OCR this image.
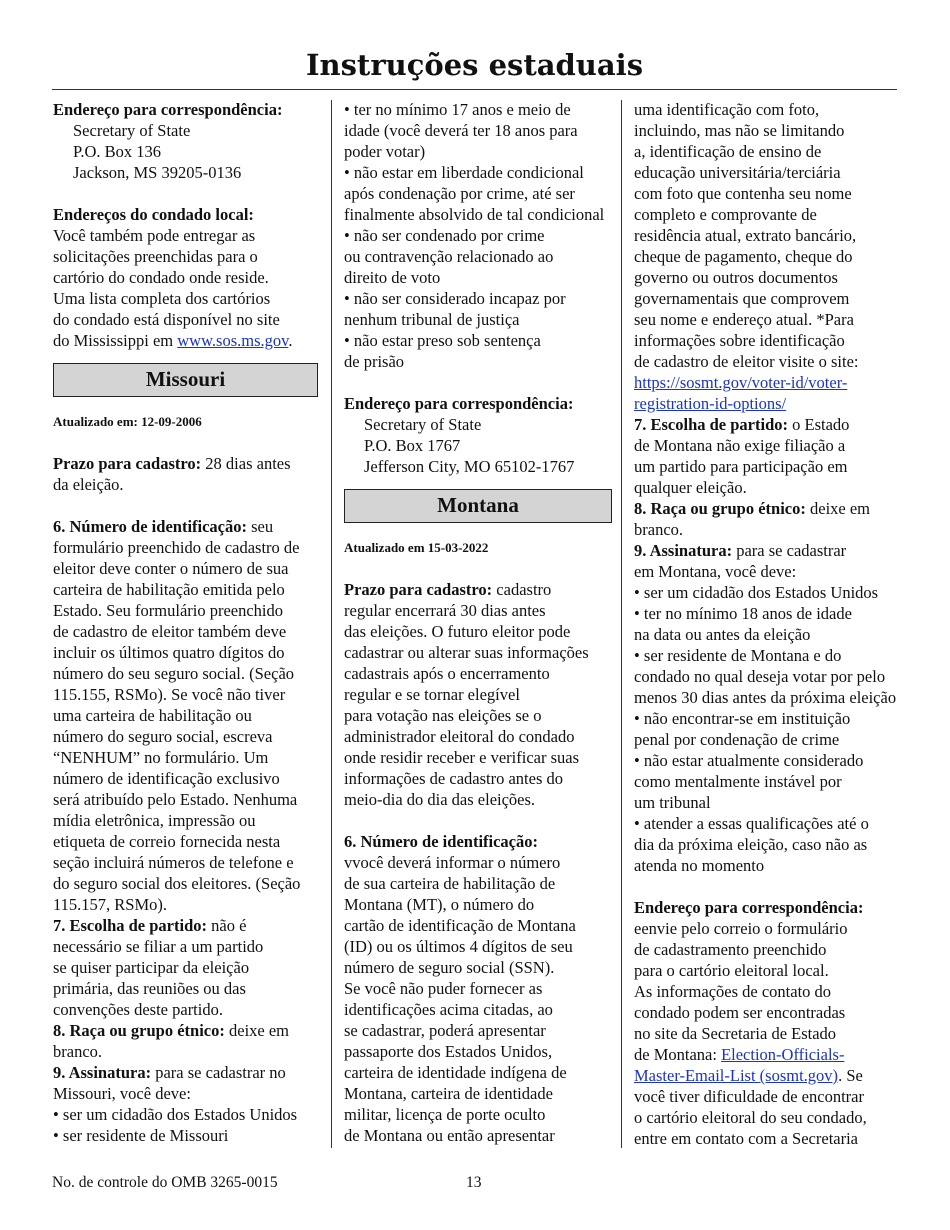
Instruções estaduais

Endereço para correspondência:

Secretary of State

P.O. Box 136

Jackson, MS 39205-0136

Endereços do condado local:

Você também pode entregar as

solicitações preenchidas para o

cartório do condado onde reside.

Uma lista completa dos cartórios

do condado está disponível no site

do Mississippi em www.sos.ms.gov.

Missouri

Atualizado em: 12-09-2006

Prazo para cadastro: 28 dias antes

da eleição.

6. Número de identificação: seu

formulário preenchido de cadastro de

eleitor deve conter o número de sua

carteira de habilitação emitida pelo

Estado. Seu formulário preenchido

de cadastro de eleitor também deve

incluir os últimos quatro dígitos do

número do seu seguro social. (Seção

115.155, RSMo). Se você não tiver

uma carteira de habilitação ou

número do seguro social, escreva

“NENHUM” no formulário. Um

número de identificação exclusivo

será atribuído pelo Estado. Nenhuma

mídia eletrônica, impressão ou

etiqueta de correio fornecida nesta

seção incluirá números de telefone e

do seguro social dos eleitores. (Seção

115.157, RSMo).

7. Escolha de partido: não é

necessário se filiar a um partido

se quiser participar da eleição

primária, das reuniões ou das

convenções deste partido.

8. Raça ou grupo étnico: deixe em

branco.

9. Assinatura: para se cadastrar no

Missouri, você deve:

• ser um cidadão dos Estados Unidos

• ser residente de Missouri

• ter no mínimo 17 anos e meio de

idade (você deverá ter 18 anos para

poder votar)

• não estar em liberdade condicional

após condenação por crime, até ser

finalmente absolvido de tal condicional

• não ser condenado por crime

ou contravenção relacionado ao

direito de voto

• não ser considerado incapaz por

nenhum tribunal de justiça

• não estar preso sob sentença

de prisão

Endereço para correspondência:

Secretary of State

P.O. Box 1767

Jefferson City, MO 65102-1767

Montana

Atualizado em 15-03-2022

Prazo para cadastro: cadastro

regular encerrará 30 dias antes

das eleições. O futuro eleitor pode

cadastrar ou alterar suas informações

cadastrais após o encerramento

regular e se tornar elegível

para votação nas eleições se o

administrador eleitoral do condado

onde residir receber e verificar suas

informações de cadastro antes do

meio-dia do dia das eleições.

6. Número de identificação:

vvocê deverá informar o número

de sua carteira de habilitação de

Montana (MT), o número do

cartão de identificação de Montana

(ID) ou os últimos 4 dígitos de seu

número de seguro social (SSN).

Se você não puder fornecer as

identificações acima citadas, ao

se cadastrar, poderá apresentar

passaporte dos Estados Unidos,

carteira de identidade indígena de

Montana, carteira de identidade

militar, licença de porte oculto

de Montana ou então apresentar

uma identificação com foto,

incluindo, mas não se limitando

a, identificação de ensino de

educação universitária/terciária

com foto que contenha seu nome

completo e comprovante de

residência atual, extrato bancário,

cheque de pagamento, cheque do

governo ou outros documentos

governamentais que comprovem

seu nome e endereço atual. *Para

informações sobre identificação

de cadastro de eleitor visite o site:

https://sosmt.gov/voter-id/voter-

registration-id-options/

7. Escolha de partido: o Estado

de Montana não exige filiação a

um partido para participação em

qualquer eleição.

8. Raça ou grupo étnico: deixe em

branco.

9. Assinatura: para se cadastrar

em Montana, você deve:

• ser um cidadão dos Estados Unidos

• ter no mínimo 18 anos de idade

na data ou antes da eleição

• ser residente de Montana e do

condado no qual deseja votar por pelo

menos 30 dias antes da próxima eleição

• não encontrar-se em instituição

penal por condenação de crime

• não estar atualmente considerado

como mentalmente instável por

um tribunal

• atender a essas qualificações até o

dia da próxima eleição, caso não as

atenda no momento

Endereço para correspondência:

eenvie pelo correio o formulário

de cadastramento preenchido

para o cartório eleitoral local.

As informações de contato do

condado podem ser encontradas

no site da Secretaria de Estado

de Montana: Election-Officials-

Master-Email-List (sosmt.gov). Se

você tiver dificuldade de encontrar

o cartório eleitoral do seu condado,

entre em contato com a Secretaria

No. de controle do OMB 3265-0015	13
